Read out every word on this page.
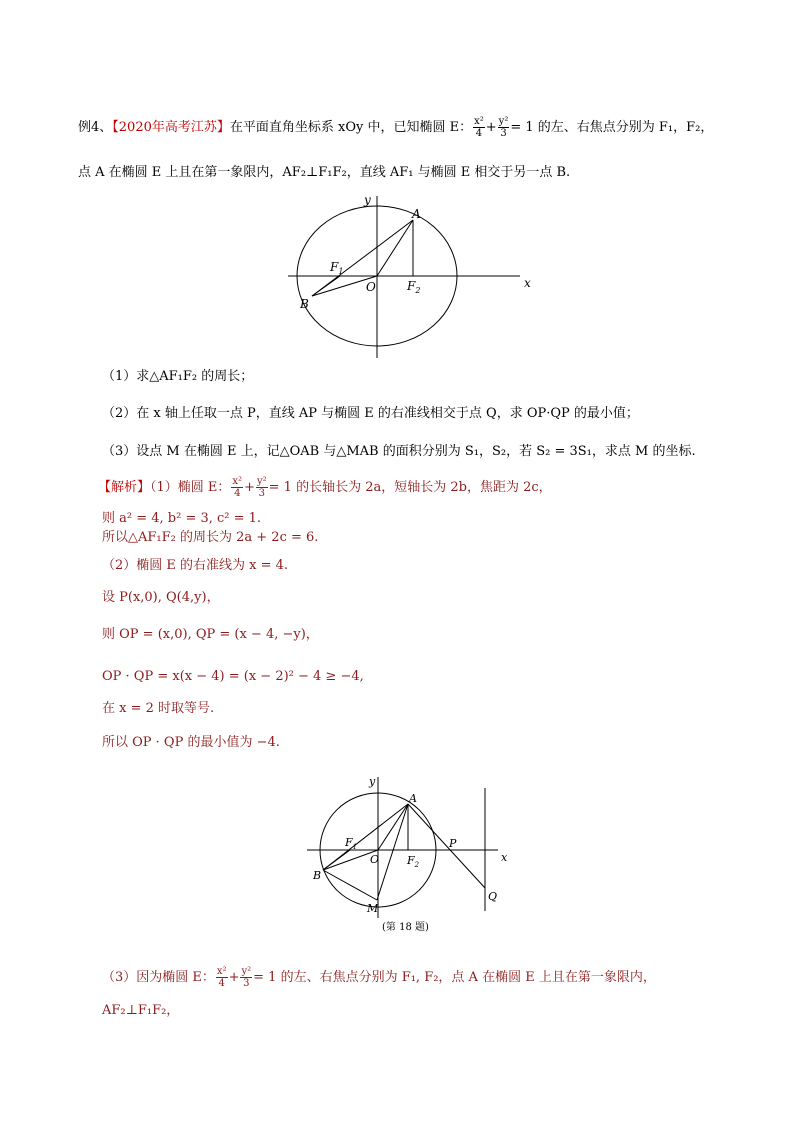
例4、【2020年高考江苏】在平面直角坐标系 xOy 中，已知椭圆 E： $\frac{\text{x²}}{4} + \frac{\text{y²}}{3} = 1$ 的左、右焦点分别为 F₁，F₂，
点 A 在椭圆 E 上且在第一象限内，AF₂⊥F₁F₂，直线 AF₁ 与椭圆 E 相交于另一点 B.
y
x
A
$F_1$
O	$F_2$
B
（1）求△AF₁F₂ 的周长；
（2）在 x 轴上任取一点 P，直线 AP 与椭圆 E 的右准线相交于点 Q，求 OP·QP 的最小值；
（3）设点 M 在椭圆 E 上，记△OAB 与△MAB 的面积分别为 S₁，S₂，若 S₂ = 3S₁，求点 M 的坐标.
【解析】（1）椭圆 E： $\frac{\text{x²}}{4} + \frac{\text{y²}}{3} = 1$ 的长轴长为 2a，短轴长为 2b，焦距为 2c，
则 a² = 4, b² = 3, c² = 1.
所以△AF₁F₂ 的周长为 2a + 2c = 6.
（2）椭圆 E 的右准线为 x = 4.
设 P(x,0), Q(4,y)，
则 OP = (x,0), QP = (x − 4, −y)，
OP · QP = x(x − 4) = (x − 2)² − 4 ≥ −4,
在 x = 2 时取等号.
所以 OP · QP 的最小值为 −4.
y
x
A
$F_1$
O	$F_2$
P
B
M
Q
(第 18 题)
（3）因为椭圆 E： $\frac{\text{x²}}{4} + \frac{\text{y²}}{3} = 1$ 的左、右焦点分别为 F₁, F₂，点 A 在椭圆 E 上且在第一象限内，
AF₂⊥F₁F₂，
